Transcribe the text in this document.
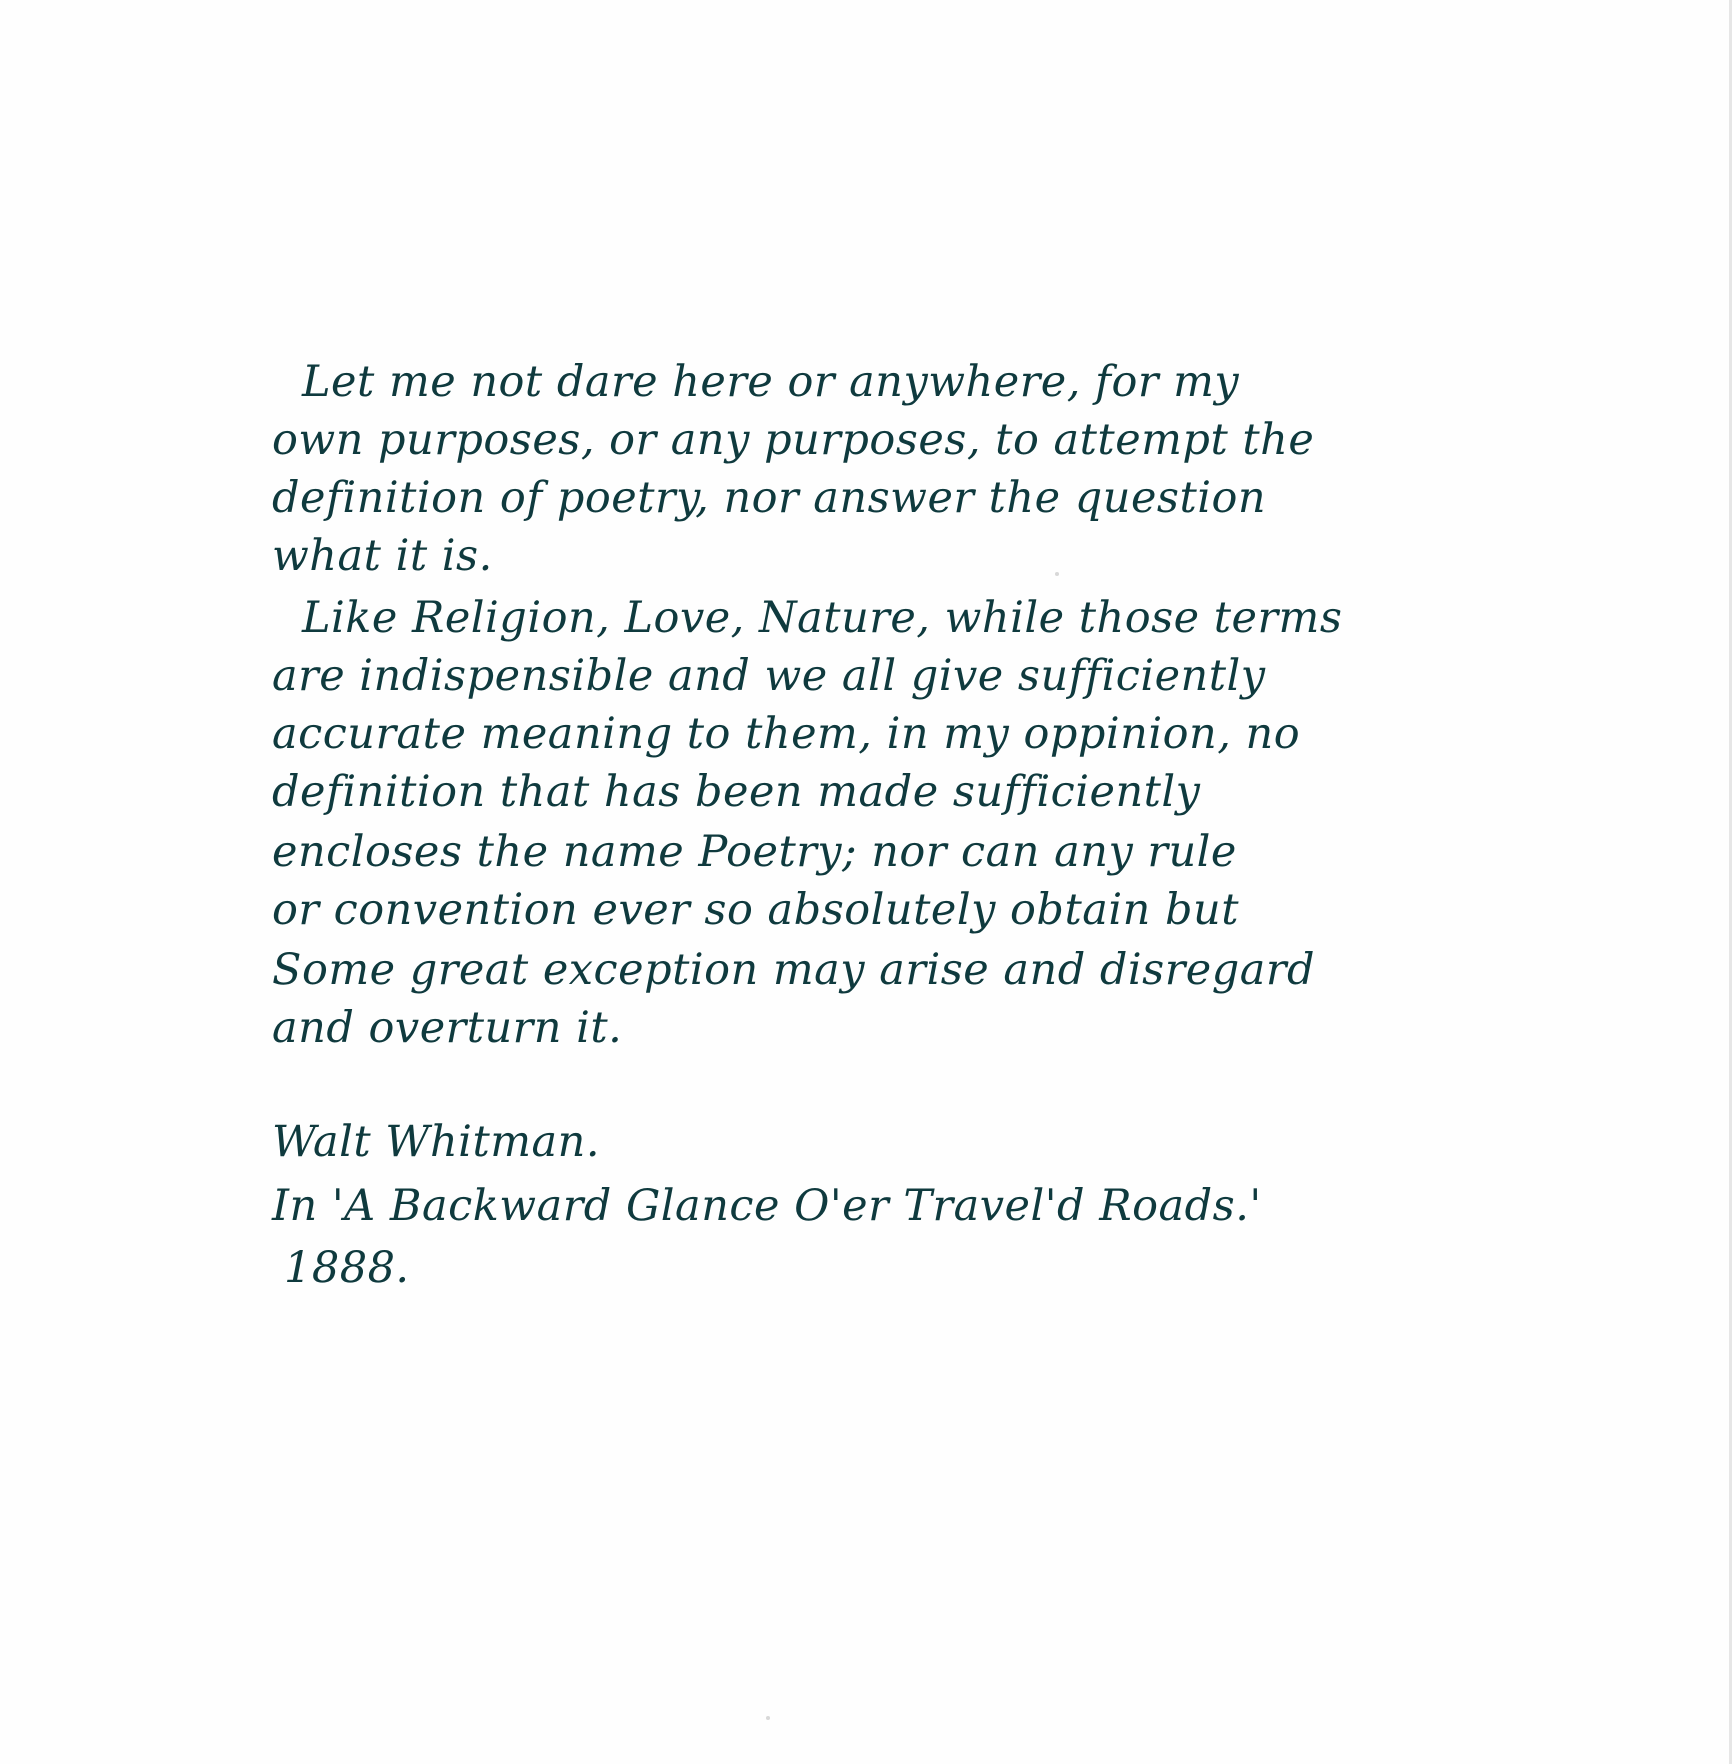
Let me not dare here or anywhere, for my
own purposes, or any purposes, to attempt the
definition of poetry, nor answer the question
what it is.
Like Religion, Love, Nature, while those terms
are indispensible and we all give sufficiently
accurate meaning to them, in my oppinion, no
definition that has been made sufficiently
encloses the name Poetry; nor can any rule
or convention ever so absolutely obtain but
Some great exception may arise and disregard
and overturn it.
Walt Whitman.
In 'A Backward Glance O'er Travel'd Roads.'
1888.
